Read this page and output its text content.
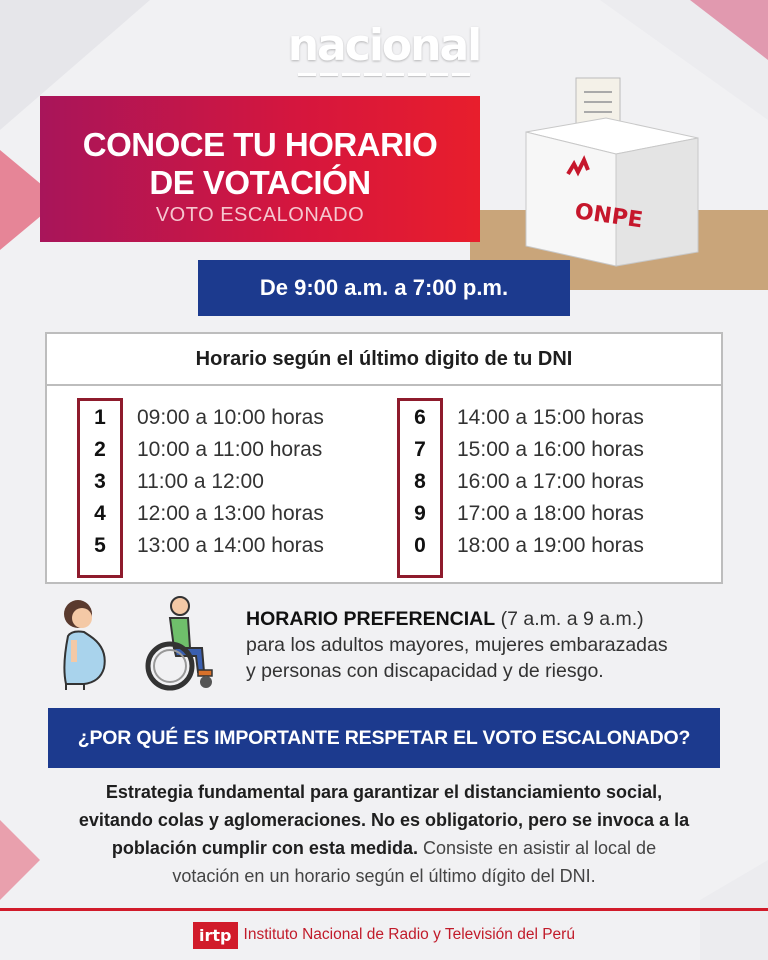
nacional
ONPE
CONOCE TU HORARIO
DE VOTACIÓN
VOTO ESCALONADO
De 9:00 a.m. a 7:00 p.m.
Horario según el último digito de tu DNI
1	09:00 a 10:00 horas
2	10:00 a 11:00 horas
3	11:00 a 12:00
4	12:00 a 13:00 horas
5	13:00 a 14:00 horas
6	14:00 a 15:00 horas
7	15:00 a 16:00 horas
8	16:00 a 17:00 horas
9	17:00 a 18:00 horas
0	18:00 a 19:00 horas
HORARIO PREFERENCIAL (7 a.m. a 9 a.m.)
para los adultos mayores, mujeres embarazadas
y personas con discapacidad y de riesgo.
¿POR QUÉ ES IMPORTANTE RESPETAR EL VOTO ESCALONADO?
Estrategia fundamental para garantizar el distanciamiento social,
evitando colas y aglomeraciones. No es obligatorio, pero se invoca a la
población cumplir con esta medida. Consiste en asistir al local de
votación en un horario según el último dígito del DNI.
irtp Instituto Nacional de Radio y Televisión del Perú
